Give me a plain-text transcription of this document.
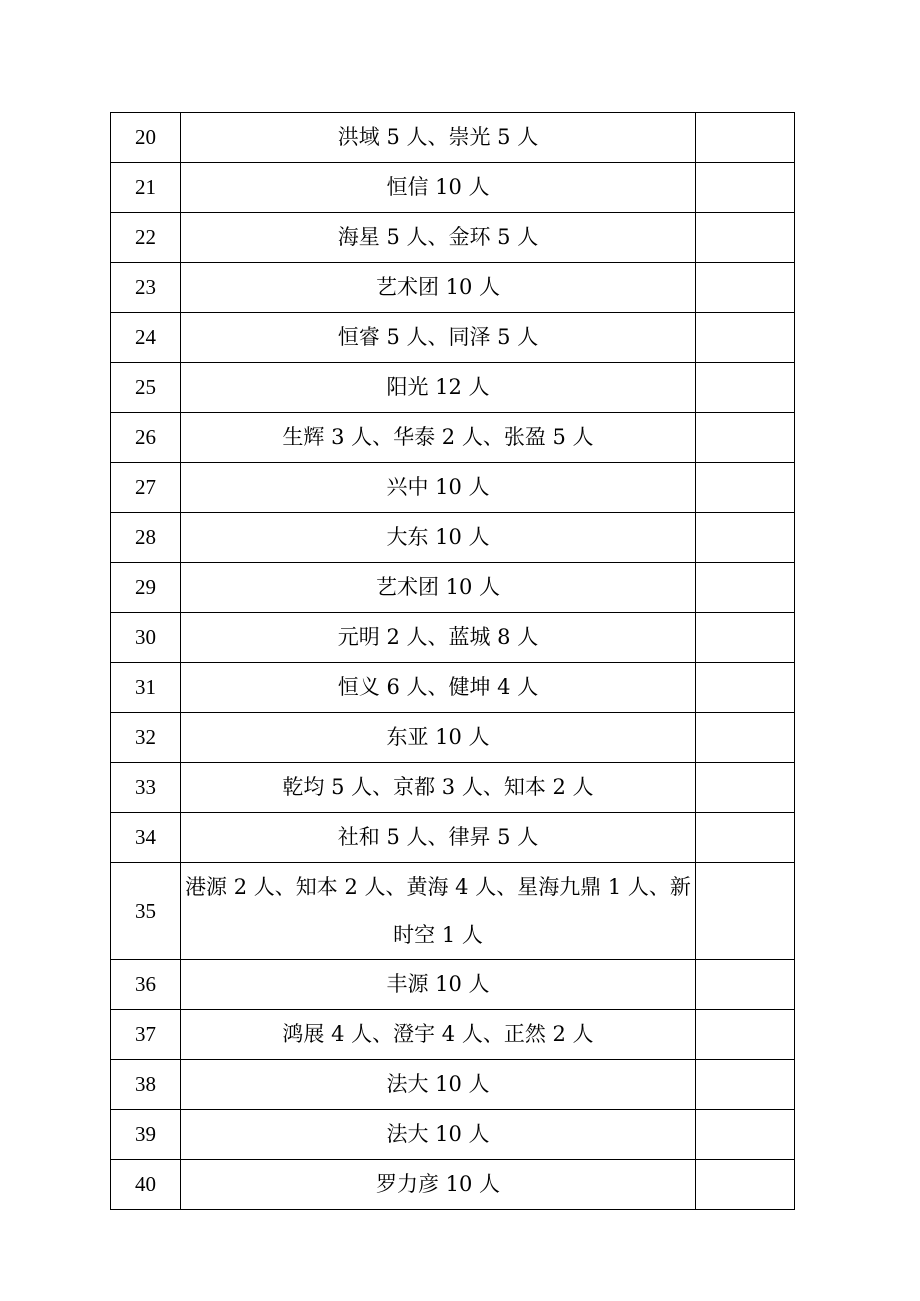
20	洪域 5 人、崇光 5 人	
21	恒信 10 人	
22	海星 5 人、金环 5 人	
23	艺术团 10 人	
24	恒睿 5 人、同泽 5 人	
25	阳光 12 人	
26	生辉 3 人、华泰 2 人、张盈 5 人	
27	兴中 10 人	
28	大东 10 人	
29	艺术团 10 人	
30	元明 2 人、蓝城 8 人	
31	恒义 6 人、健坤 4 人	
32	东亚 10 人	
33	乾均 5 人、京都 3 人、知本 2 人	
34	社和 5 人、律昇 5 人	
35	港源 2 人、知本 2 人、黄海 4 人、星海九鼎 1 人、新时空 1 人	
36	丰源 10 人	
37	鸿展 4 人、澄宇 4 人、正然 2 人	
38	法大 10 人	
39	法大 10 人	
40	罗力彦 10 人	
